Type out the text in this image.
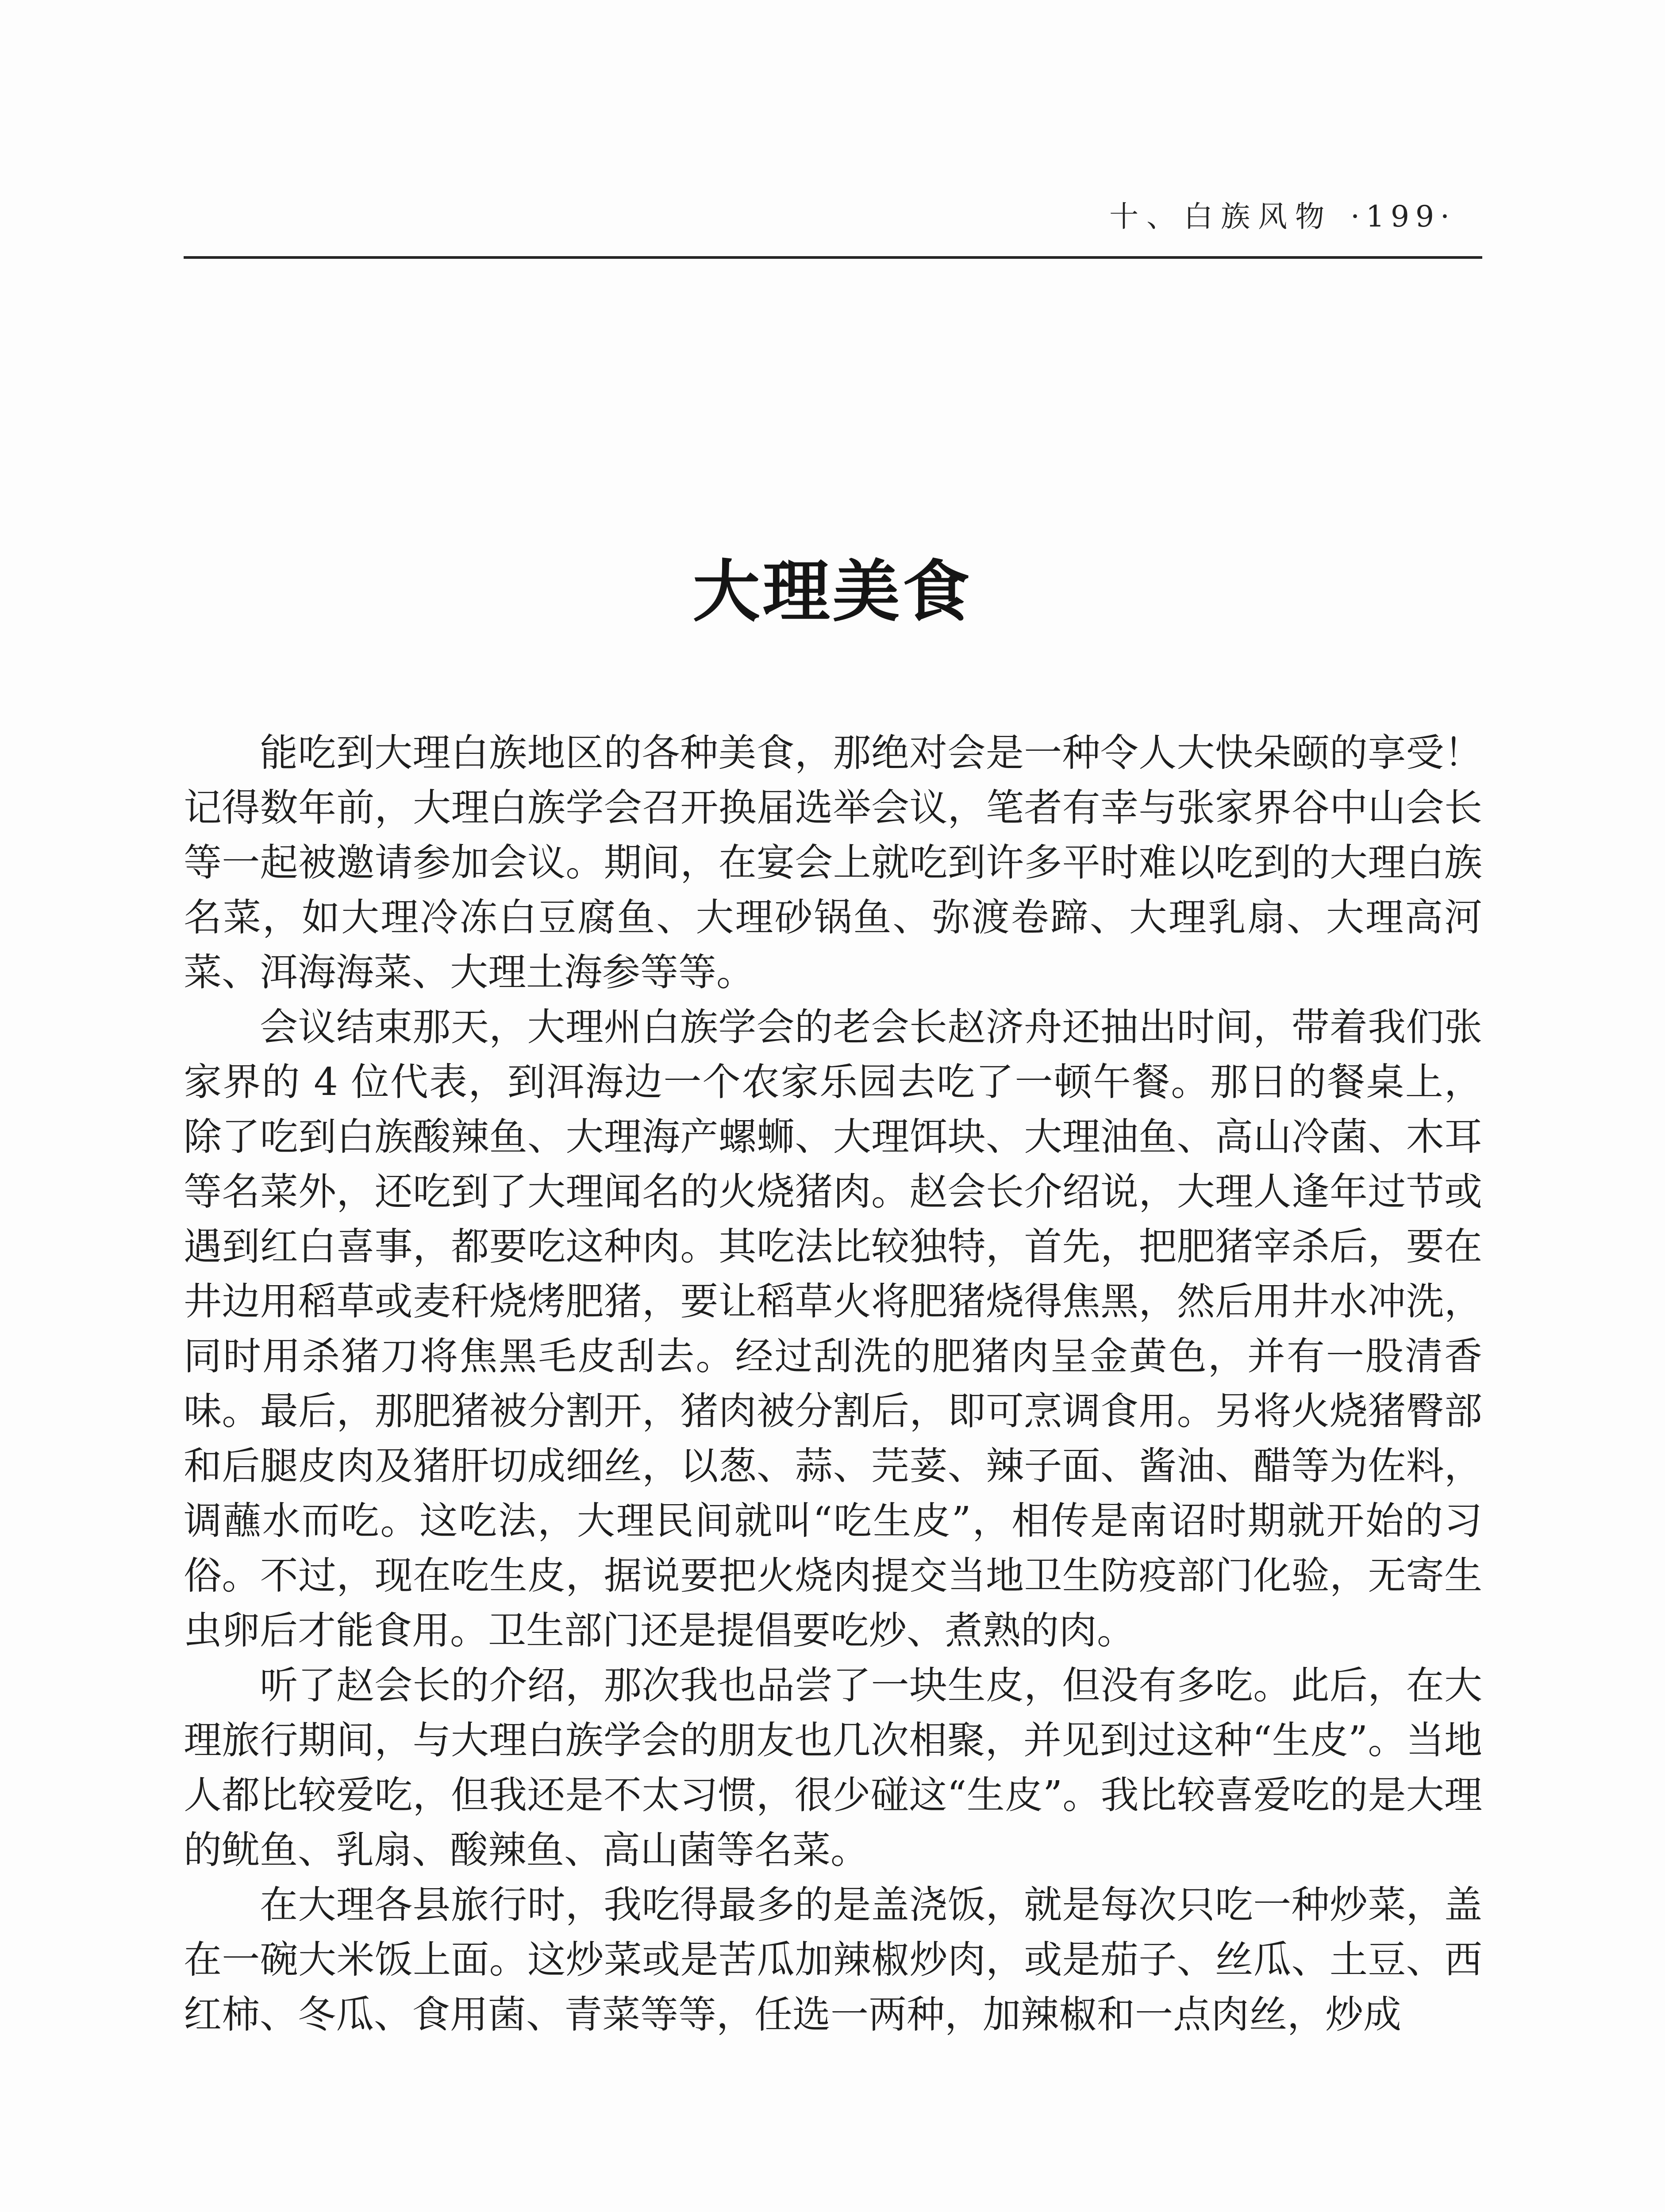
十、白族风物 ·199·
大理美食

能吃到大理白族地区的各种美食，那绝对会是一种令人大快朵颐的享受！记得数年前，大理白族学会召开换届选举会议，笔者有幸与张家界谷中山会长等一起被邀请参加会议。期间，在宴会上就吃到许多平时难以吃到的大理白族名菜，如大理冷冻白豆腐鱼、大理砂锅鱼、弥渡卷蹄、大理乳扇、大理高河菜、洱海海菜、大理土海参等等。

会议结束那天，大理州白族学会的老会长赵济舟还抽出时间，带着我们张家界的 4 位代表，到洱海边一个农家乐园去吃了一顿午餐。那日的餐桌上，除了吃到白族酸辣鱼、大理海产螺蛳、大理饵块、大理油鱼、高山冷菌、木耳等名菜外，还吃到了大理闻名的火烧猪肉。赵会长介绍说，大理人逢年过节或遇到红白喜事，都要吃这种肉。其吃法比较独特，首先，把肥猪宰杀后，要在井边用稻草或麦秆烧烤肥猪，要让稻草火将肥猪烧得焦黑，然后用井水冲洗，同时用杀猪刀将焦黑毛皮刮去。经过刮洗的肥猪肉呈金黄色，并有一股清香味。最后，那肥猪被分割开，猪肉被分割后，即可烹调食用。另将火烧猪臀部和后腿皮肉及猪肝切成细丝，以葱、蒜、芫荽、辣子面、酱油、醋等为佐料，调蘸水而吃。这吃法，大理民间就叫“吃生皮”，相传是南诏时期就开始的习俗。不过，现在吃生皮，据说要把火烧肉提交当地卫生防疫部门化验，无寄生虫卵后才能食用。卫生部门还是提倡要吃炒、煮熟的肉。

听了赵会长的介绍，那次我也品尝了一块生皮，但没有多吃。此后，在大理旅行期间，与大理白族学会的朋友也几次相聚，并见到过这种“生皮”。当地人都比较爱吃，但我还是不太习惯，很少碰这“生皮”。我比较喜爱吃的是大理的鱿鱼、乳扇、酸辣鱼、高山菌等名菜。

在大理各县旅行时，我吃得最多的是盖浇饭，就是每次只吃一种炒菜，盖在一碗大米饭上面。这炒菜或是苦瓜加辣椒炒肉，或是茄子、丝瓜、土豆、西红柿、冬瓜、食用菌、青菜等等，任选一两种，加辣椒和一点肉丝，炒成
